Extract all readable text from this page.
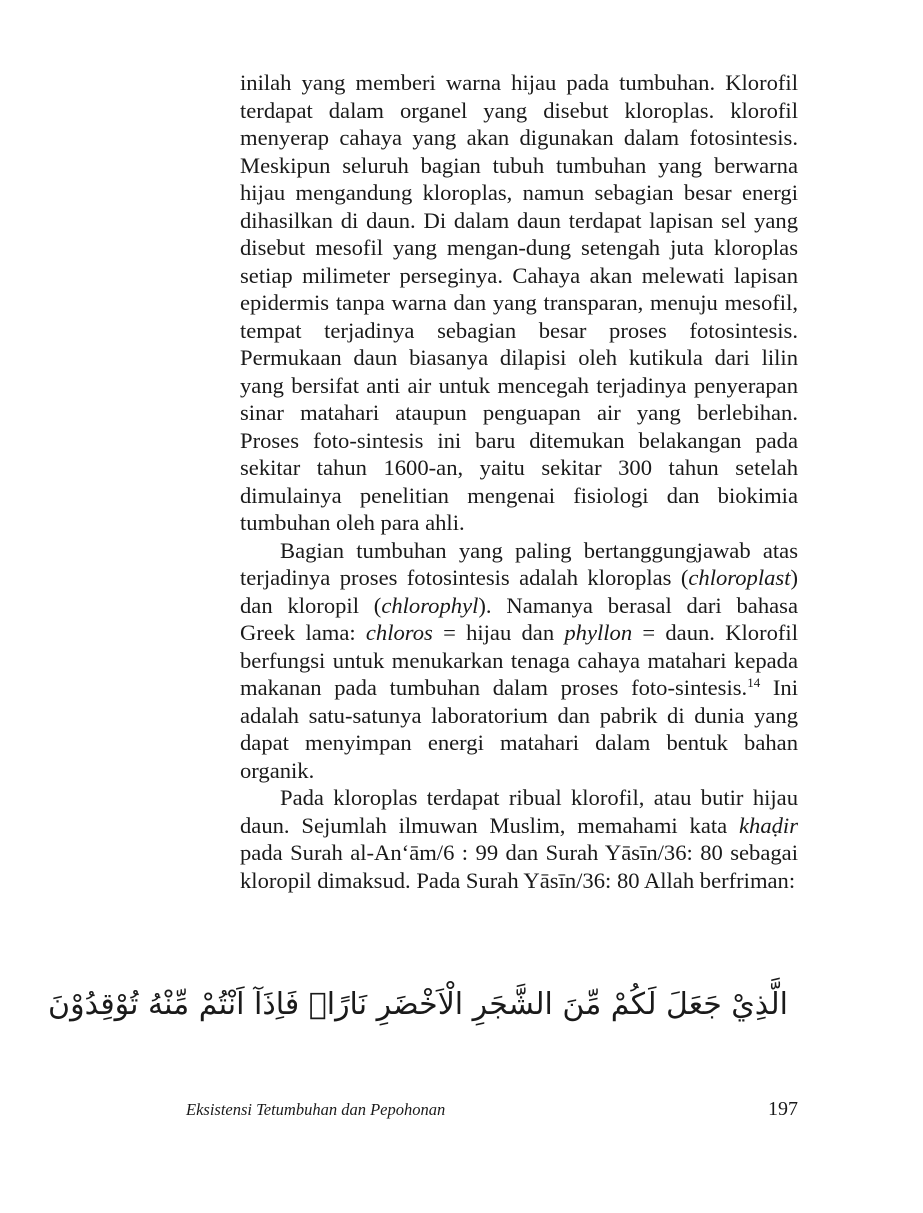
inilah yang memberi warna hijau pada tumbuhan. Klorofil terdapat dalam organel yang disebut kloroplas. klorofil menyerap cahaya yang akan digunakan dalam fotosintesis. Meskipun seluruh bagian tubuh tumbuhan yang berwarna hijau mengandung kloroplas, namun sebagian besar energi dihasilkan di daun. Di dalam daun terdapat lapisan sel yang disebut mesofil yang mengan-dung setengah juta kloroplas setiap milimeter perseginya. Cahaya akan melewati lapisan epidermis tanpa warna dan yang transparan, menuju mesofil, tempat terjadinya sebagian besar proses fotosintesis. Permukaan daun biasanya dilapisi oleh kutikula dari lilin yang bersifat anti air untuk mencegah terjadinya penyerapan sinar matahari ataupun penguapan air yang berlebihan. Proses foto-sintesis ini baru ditemukan belakangan pada sekitar tahun 1600-an, yaitu sekitar 300 tahun setelah dimulainya penelitian mengenai fisiologi dan biokimia tumbuhan oleh para ahli.

Bagian tumbuhan yang paling bertanggungjawab atas terjadinya proses fotosintesis adalah kloroplas (chloroplast) dan kloropil (chlorophyl). Namanya berasal dari bahasa Greek lama: chloros = hijau dan phyllon = daun. Klorofil berfungsi untuk menukarkan tenaga cahaya matahari kepada makanan pada tumbuhan dalam proses foto-sintesis.$^{14}$ Ini adalah satu-satunya laboratorium dan pabrik di dunia yang dapat menyimpan energi matahari dalam bentuk bahan organik.

Pada kloroplas terdapat ribual klorofil, atau butir hijau daun. Sejumlah ilmuwan Muslim, memahami kata khaḍir pada Surah al-An‘ām/6 : 99 dan Surah Yāsīn/36: 80 sebagai kloropil dimaksud. Pada Surah Yāsīn/36: 80 Allah berfriman:

الَّذِيْ جَعَلَ لَكُمْ مِّنَ الشَّجَرِ الْاَخْضَرِ نَارًاۙ فَاِذَآ اَنْتُمْ مِّنْهُ تُوْقِدُوْنَ
Eksistensi Tetumbuhan dan Pepohonan	197
